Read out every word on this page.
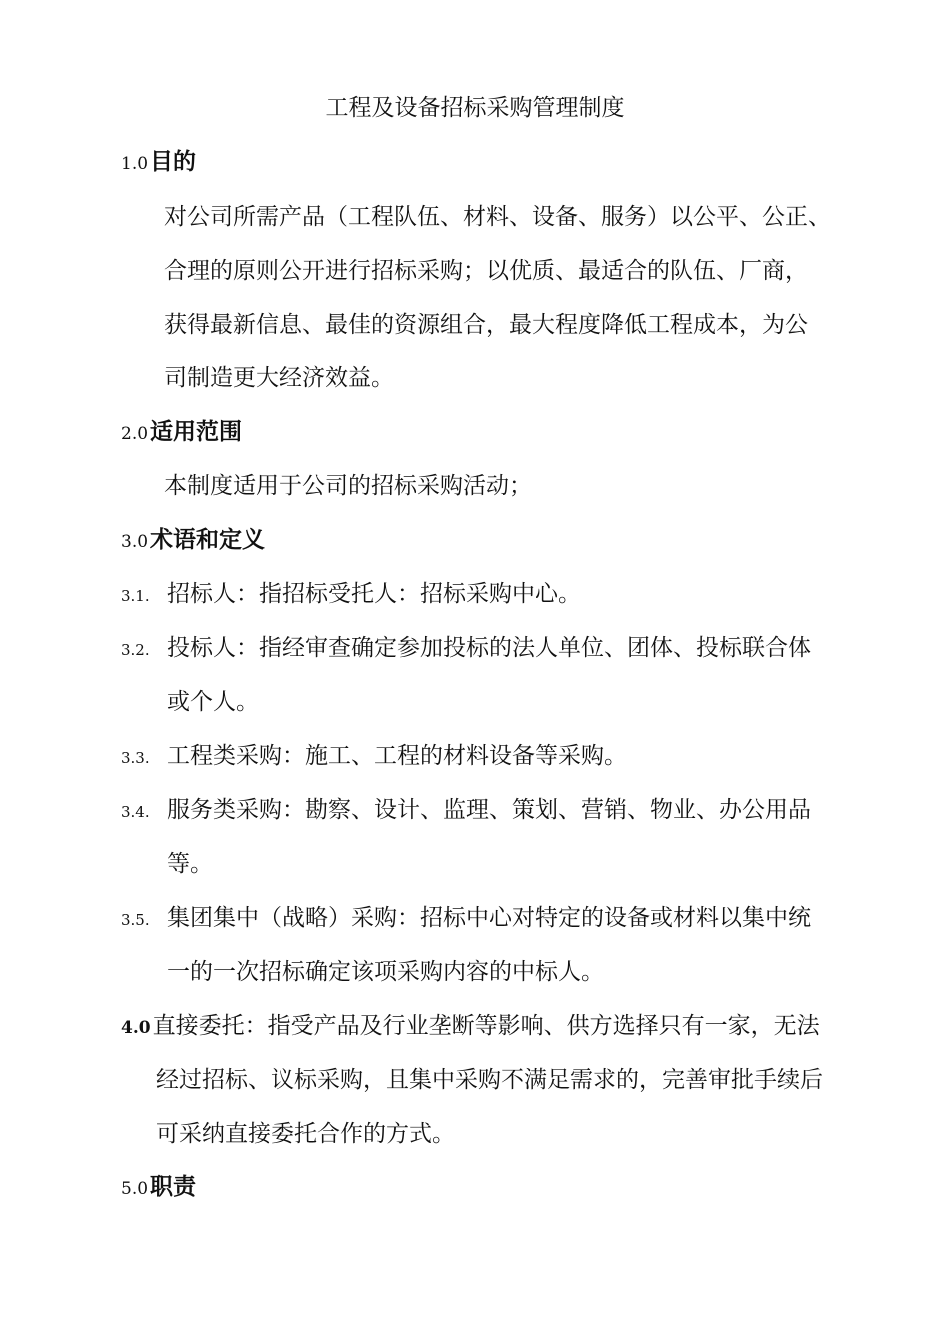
工程及设备招标采购管理制度
1.0目的
对公司所需产品（工程队伍、材料、设备、服务）以公平、公正、
合理的原则公开进行招标采购；以优质、最适合的队伍、厂商，
获得最新信息、最佳的资源组合，最大程度降低工程成本，为公
司制造更大经济效益。
2.0适用范围
本制度适用于公司的招标采购活动；
3.0术语和定义
3.1. 招标人：指招标受托人：招标采购中心。
3.2. 投标人：指经审查确定参加投标的法人单位、团体、投标联合体
或个人。
3.3. 工程类采购：施工、工程的材料设备等采购。
3.4. 服务类采购：勘察、设计、监理、策划、营销、物业、办公用品
等。
3.5. 集团集中（战略）采购：招标中心对特定的设备或材料以集中统
一的一次招标确定该项采购内容的中标人。
4.0直接委托：指受产品及行业垄断等影响、供方选择只有一家，无法
经过招标、议标采购，且集中采购不满足需求的，完善审批手续后
可采纳直接委托合作的方式。
5.0职责
